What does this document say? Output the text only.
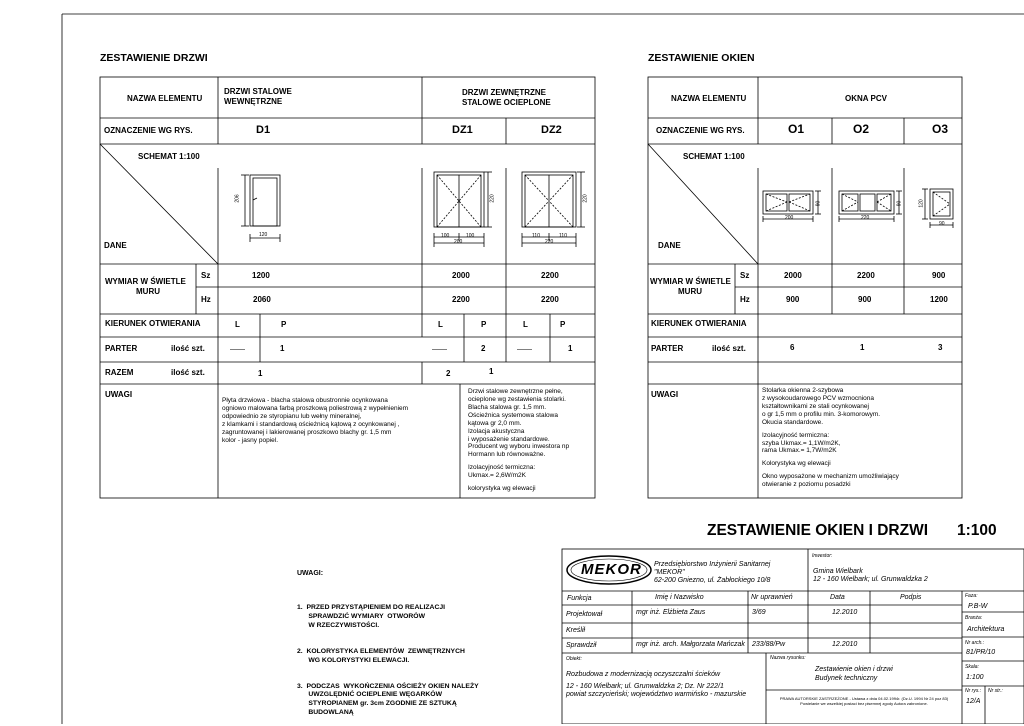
ZESTAWIENIE DRZWI
NAZWA ELEMENTU
DRZWI STALOWE
WEWNĘTRZNE
DRZWI ZEWNĘTRZNE
STALOWE OCIEPLONE
OZNACZENIE WG RYS.	D1	DZ1	DZ2
SCHEMAT 1:100
DANE
206
120	100	100
200
220
110	110
220
220
WYMIAR W ŚWIETLE
MURU
Sz
Hz
1200	2000	2200
2060	2200	2200
KIERUNEK OTWIERANIA	L	P	L	P	L	P
PARTER	ilość szt.	——	1	——	2	——	1
RAZEM	ilość szt.	1	2	1
UWAGI
Płyta drzwiowa - blacha stalowa obustronnie ocynkowana
ogniowo malowana farbą proszkową poliestrową z wypełnieniem
odpowiednio ze styropianu lub wełny mineralnej,
z klamkami i standardową ościeżnicą kątową z ocynkowanej ,
zagruntowanej i lakierowanej proszkowo blachy gr. 1,5 mm
kolor - jasny popiel.
Drzwi stalowe zewnętrzne pełne,
ocieplone wg zestawienia stolarki.
Blacha stalowa gr. 1,5 mm.
Ościeżnica systemowa stalowa
kątowa gr 2,0 mm.
Izolacja akustyczna
i wyposażenie standardowe.
Producent wg wyboru inwestora np
Hormann lub równoważne.
Izolacyjność termiczna:
Ukmax.= 2,6W/m2K
kolorystyka wg elewacji
ZESTAWIENIE OKIEN
NAZWA ELEMENTU	OKNA PCV
OZNACZENIE WG RYS.	O1	O2	O3
SCHEMAT 1:100
DANE
200
90
220
90
90
120
WYMIAR W ŚWIETLE
MURU
Sz
Hz
2000	2200	900
900	900	1200
KIERUNEK OTWIERANIA
PARTER	ilość szt.	6	1	3
UWAGI	Stolarka okienna 2-szybowa
z wysokoudarowego PCV wzmocniona
kształtownikami ze stali ocynkowanej
o gr 1,5 mm o profilu min. 3-komorowym.
Okucia standardowe.
Izolacyjność termiczna:
szyba Ukmax.= 1,1W/m2K,
rama Ukmax.= 1,7W/m2K
Kolorystyka wg elewacji
Okno wyposażone w mechanizm umożliwiający
otwieranie z poziomu posadzki
ZESTAWIENIE OKIEN I DRZWI 1:100
UWAGI:

1.  PRZED PRZYSTĄPIENIEM DO REALIZACJI
SPRAWDZIĆ WYMIARY  OTWORÓW
W RZECZYWISTOŚCI.

2.  KOLORYSTYKA ELEMENTÓW  ZEWNĘTRZNYCH
WG KOLORYSTYKI ELEWACJI.

3.  PODCZAS  WYKOŃCZENIA OŚCIEŻY OKIEN NALEŻY
UWZGLĘDNIĆ OCIEPLENIE WĘGARKÓW
STYROPIANEM gr. 3cm ZGODNIE ZE SZTUKĄ
BUDOWLANĄ

MEKOR Przedsiębiorstwo Inżynierii Sanitarnej
"MEKOR"
62-200 Gniezno, ul. Żabłockiego 10/8
Inwestor:
Gmina Wielbark
12 - 160 Wielbark; ul. Grunwaldzka 2
Funkcja	Imię i Nazwisko	Nr uprawnień	Data	Podpis
Projektował	mgr inż. Elżbieta Zaus	3/69	12.2010
Kreślił
Sprawdził	mgr inż. arch. Małgorzata Mańczak 233/88/Pw	12.2010
Faza:
P.B-W
Branża:
Architektura
Nr arch.:
81/PR/10
Skala:
1:100
Nr rys.:
12/A
Nr str.:
Obiekt:
Rozbudowa z modernizacją oczyszczalni ścieków
12 - 160 Wielbark; ul. Grunwaldzka 2; Dz. Nr 222/1
powiat szczycieński; województwo warmińsko - mazurskie
Nazwa rysunku:
Zestawienie okien i drzwi
Budynek techniczny
PRAWA AUTORSKIE ZASTRZEŻONE - Ustawa z dnia 04.02.1994r. (Dz.U. 1994 Nr 24 poz 83)
Powielanie we wszelkiej postaci bez pisemnej zgody Autora zabronione.
